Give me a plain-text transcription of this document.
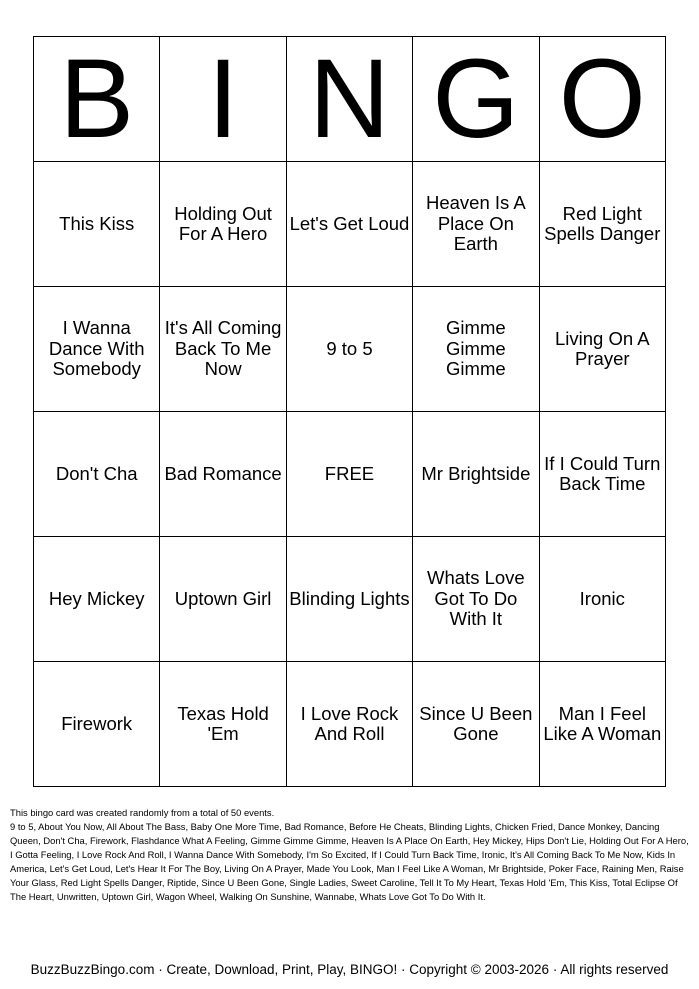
B	I	N	G	O
This Kiss	Holding Out For A Hero	Let's Get Loud	Heaven Is A Place On Earth	Red Light Spells Danger
I Wanna Dance With Somebody	It's All Coming Back To Me Now	9 to 5	Gimme Gimme Gimme	Living On A Prayer
Don't Cha	Bad Romance	FREE	Mr Brightside	If I Could Turn Back Time
Hey Mickey	Uptown Girl	Blinding Lights	Whats Love Got To Do With It	Ironic
Firework	Texas Hold 'Em	I Love Rock And Roll	Since U Been Gone	Man I Feel Like A Woman

This bingo card was created randomly from a total of 50 events.

9 to 5, About You Now, All About The Bass, Baby One More Time, Bad Romance, Before He Cheats, Blinding Lights, Chicken Fried, Dance Monkey, Dancing Queen, Don't Cha, Firework, Flashdance What A Feeling, Gimme Gimme Gimme, Heaven Is A Place On Earth, Hey Mickey, Hips Don't Lie, Holding Out For A Hero, I Gotta Feeling, I Love Rock And Roll, I Wanna Dance With Somebody, I'm So Excited, If I Could Turn Back Time, Ironic, It's All Coming Back To Me Now, Kids In America, Let's Get Loud, Let's Hear It For The Boy, Living On A Prayer, Made You Look, Man I Feel Like A Woman, Mr Brightside, Poker Face, Raining Men, Raise Your Glass, Red Light Spells Danger, Riptide, Since U Been Gone, Single Ladies, Sweet Caroline, Tell It To My Heart, Texas Hold 'Em, This Kiss, Total Eclipse Of The Heart, Unwritten, Uptown Girl, Wagon Wheel, Walking On Sunshine, Wannabe, Whats Love Got To Do With It.

BuzzBuzzBingo.com · Create, Download, Print, Play, BINGO! · Copyright © 2003-2026 · All rights reserved
